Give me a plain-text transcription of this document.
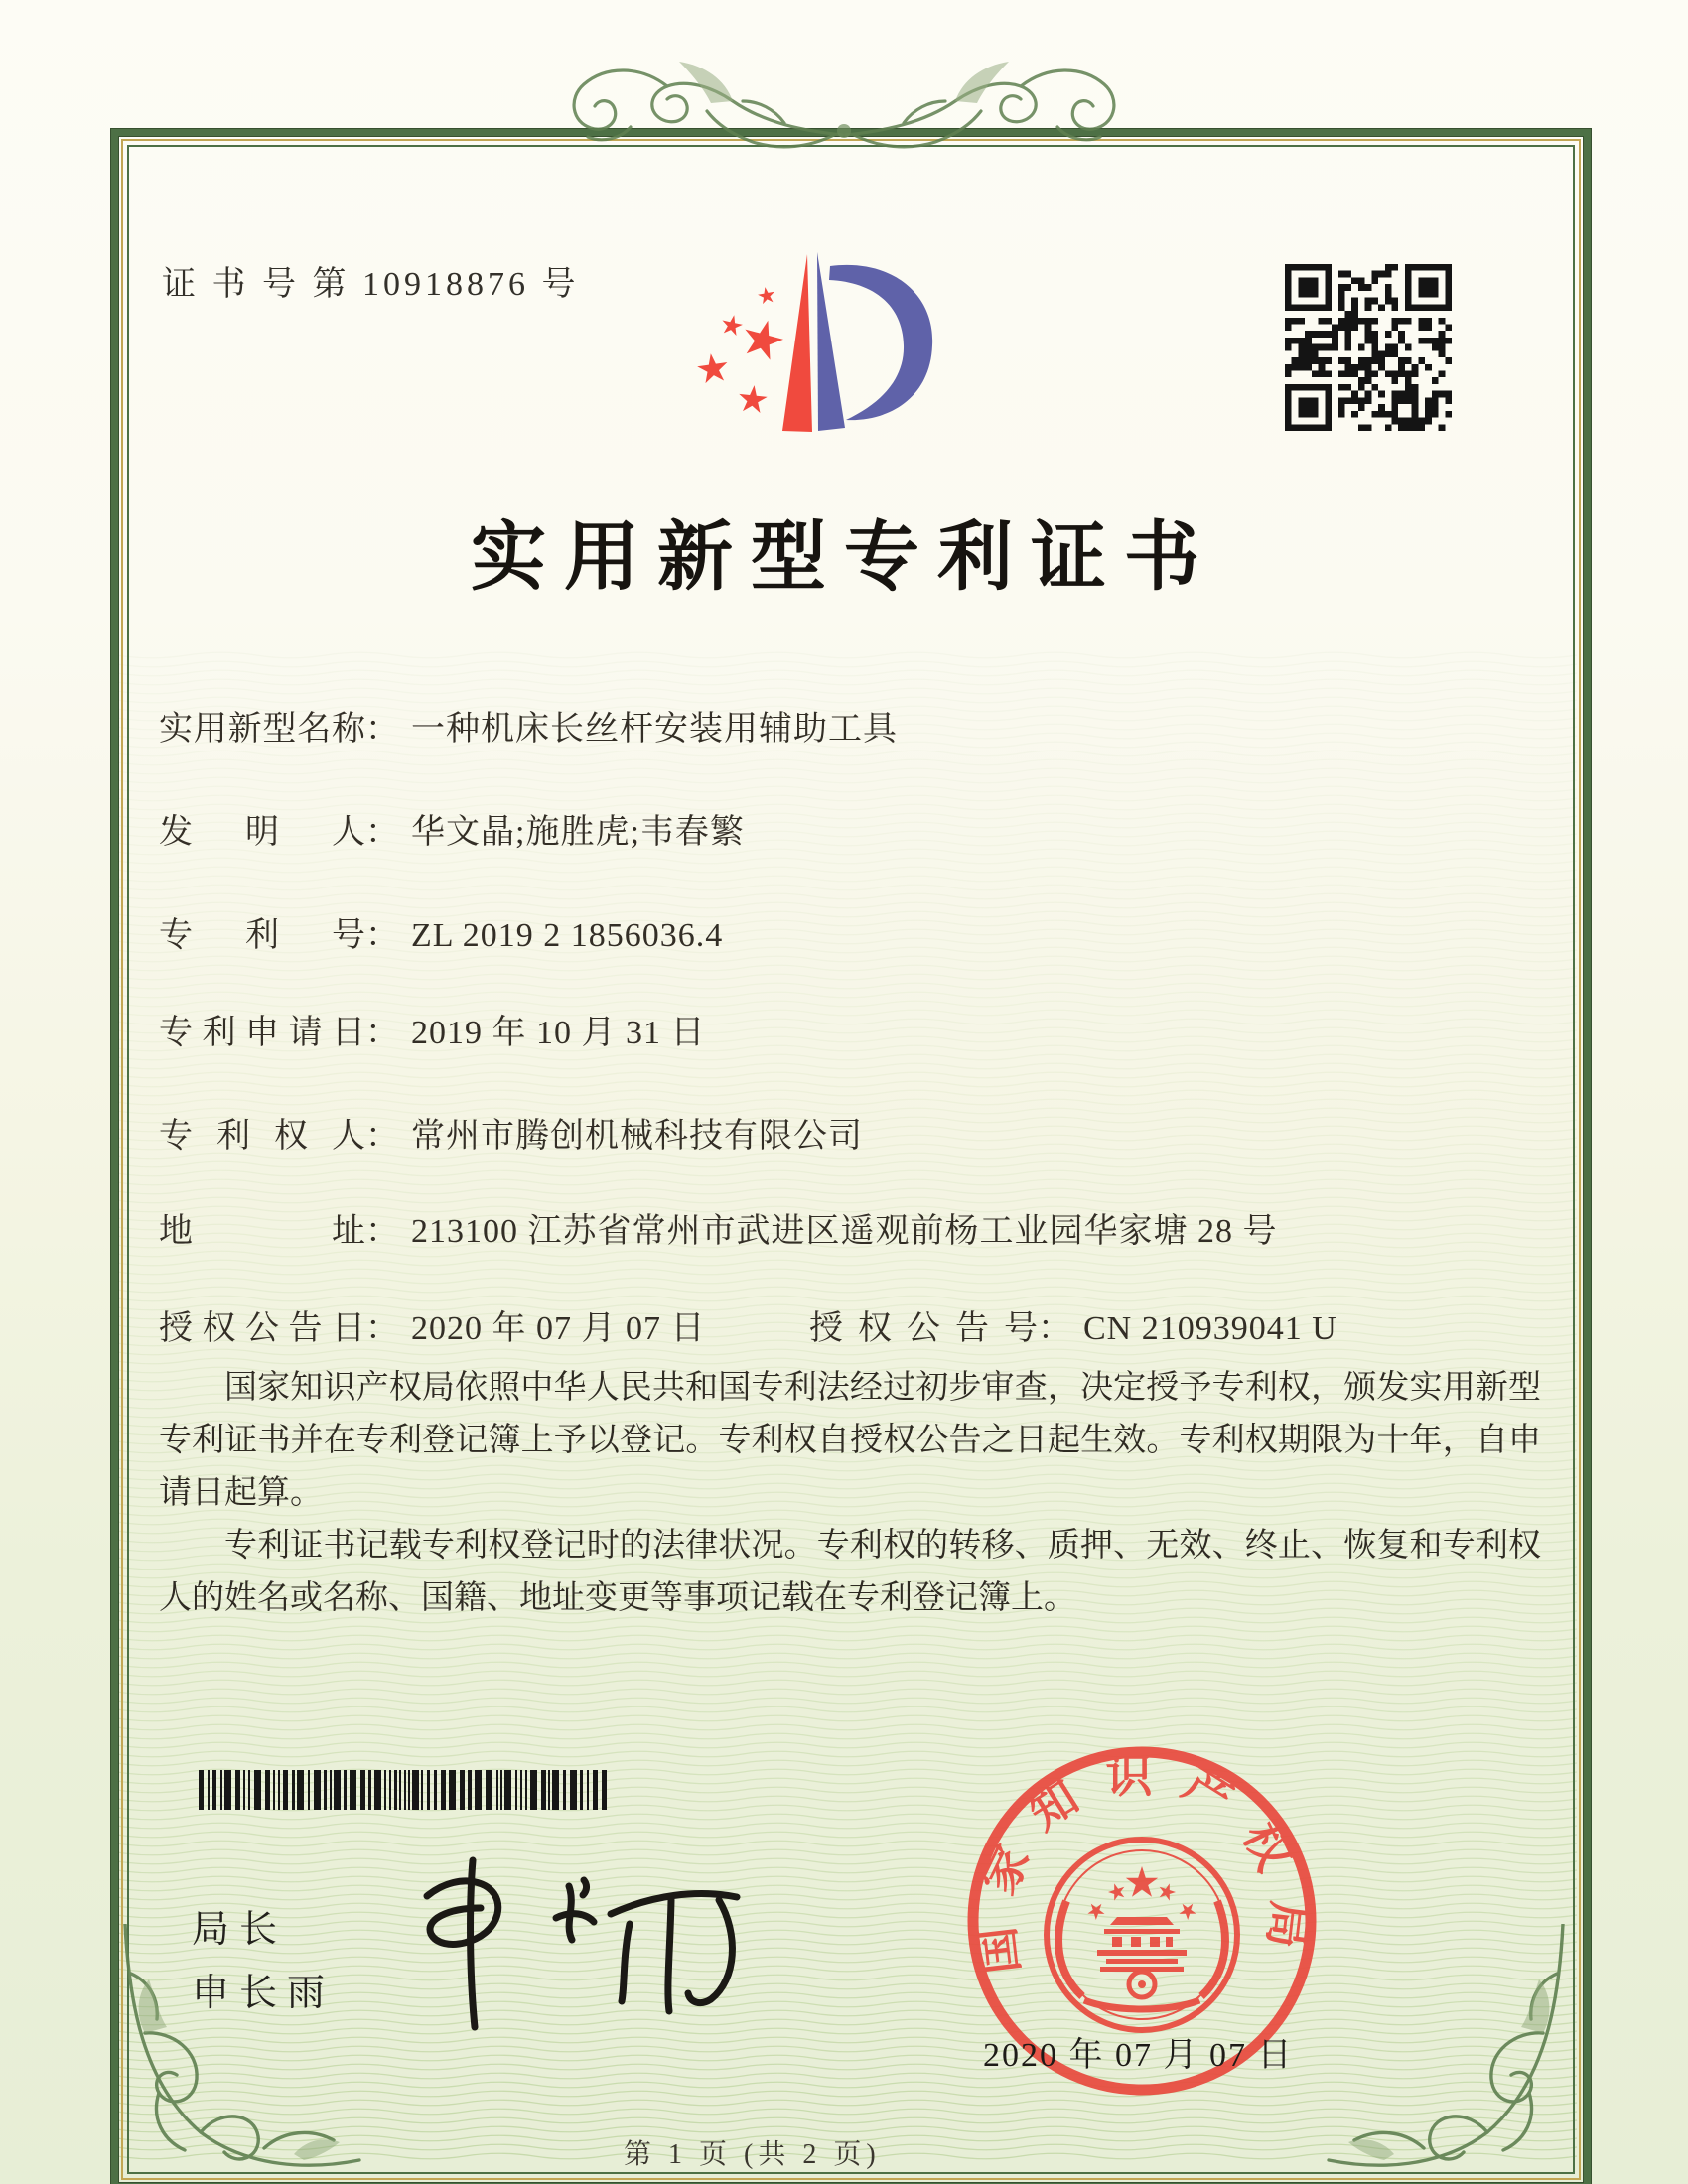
证 书 号 第 10918876 号
实用新型专利证书
实用新型名称： 一种机床长丝杆安装用辅助工具
发明人： 华文晶;施胜虎;韦春繁
专利号： ZL 2019 2 1856036.4
专利申请日： 2019 年 10 月 31 日
专利权人： 常州市腾创机械科技有限公司
地址： 213100 江苏省常州市武进区遥观前杨工业园华家塘 28 号
授权公告日： 2020 年 07 月 07 日	授权公告号： CN 210939041 U

国家知识产权局依照中华人民共和国专利法经过初步审查，决定授予专利权，颁发实用新型专利证书并在专利登记簿上予以登记。专利权自授权公告之日起生效。专利权期限为十年，自申请日起算。

专利证书记载专利权登记时的法律状况。专利权的转移、质押、无效、终止、恢复和专利权人的姓名或名称、国籍、地址变更等事项记载在专利登记簿上。

局长
申长雨
国家知识产权局
2020 年 07 月 07 日
第 1 页 (共 2 页)
